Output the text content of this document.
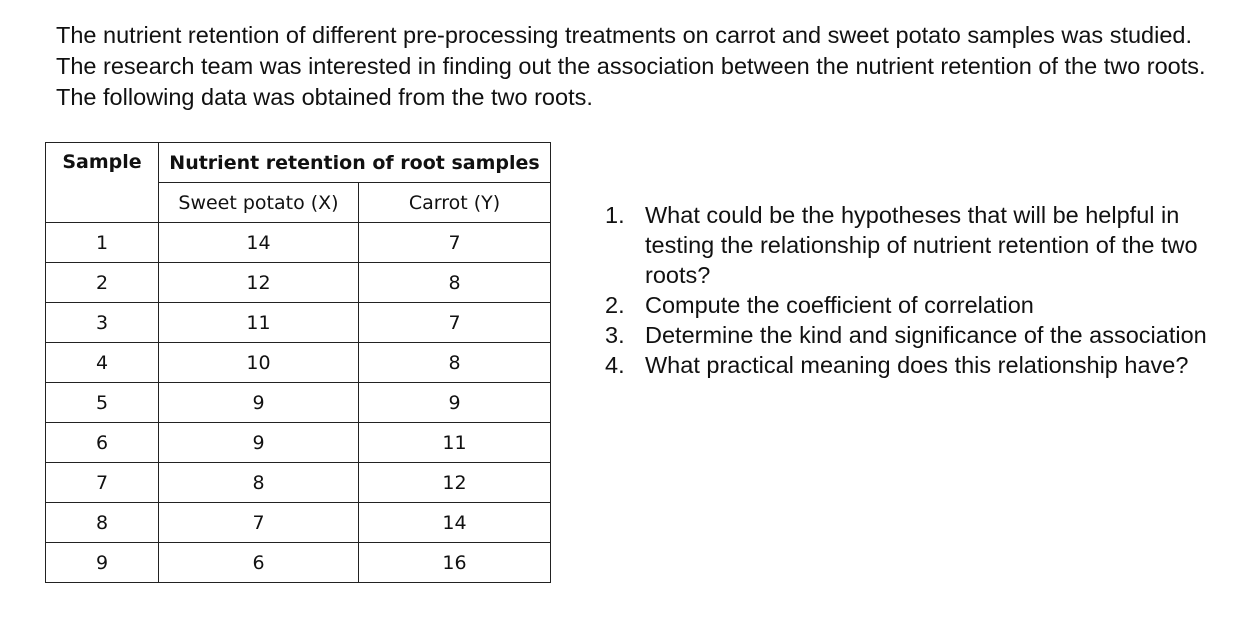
The nutrient retention of different pre-processing treatments on carrot and sweet potato samples was studied. The research team was interested in finding out the association between the nutrient retention of the two roots. The following data was obtained from the two roots.

Sample	Nutrient retention of root samples	
	Sweet potato (X)	Carrot (Y)
1	14	7
2	12	8
3	11	7
4	10	8
5	9	9
6	9	11
7	8	12
8	7	14
9	6	16
1. What could be the hypotheses that will be helpful in testing the relationship of nutrient retention of the two roots?
2. Compute the coefficient of correlation
3. Determine the kind and significance of the association
4. What practical meaning does this relationship have?
